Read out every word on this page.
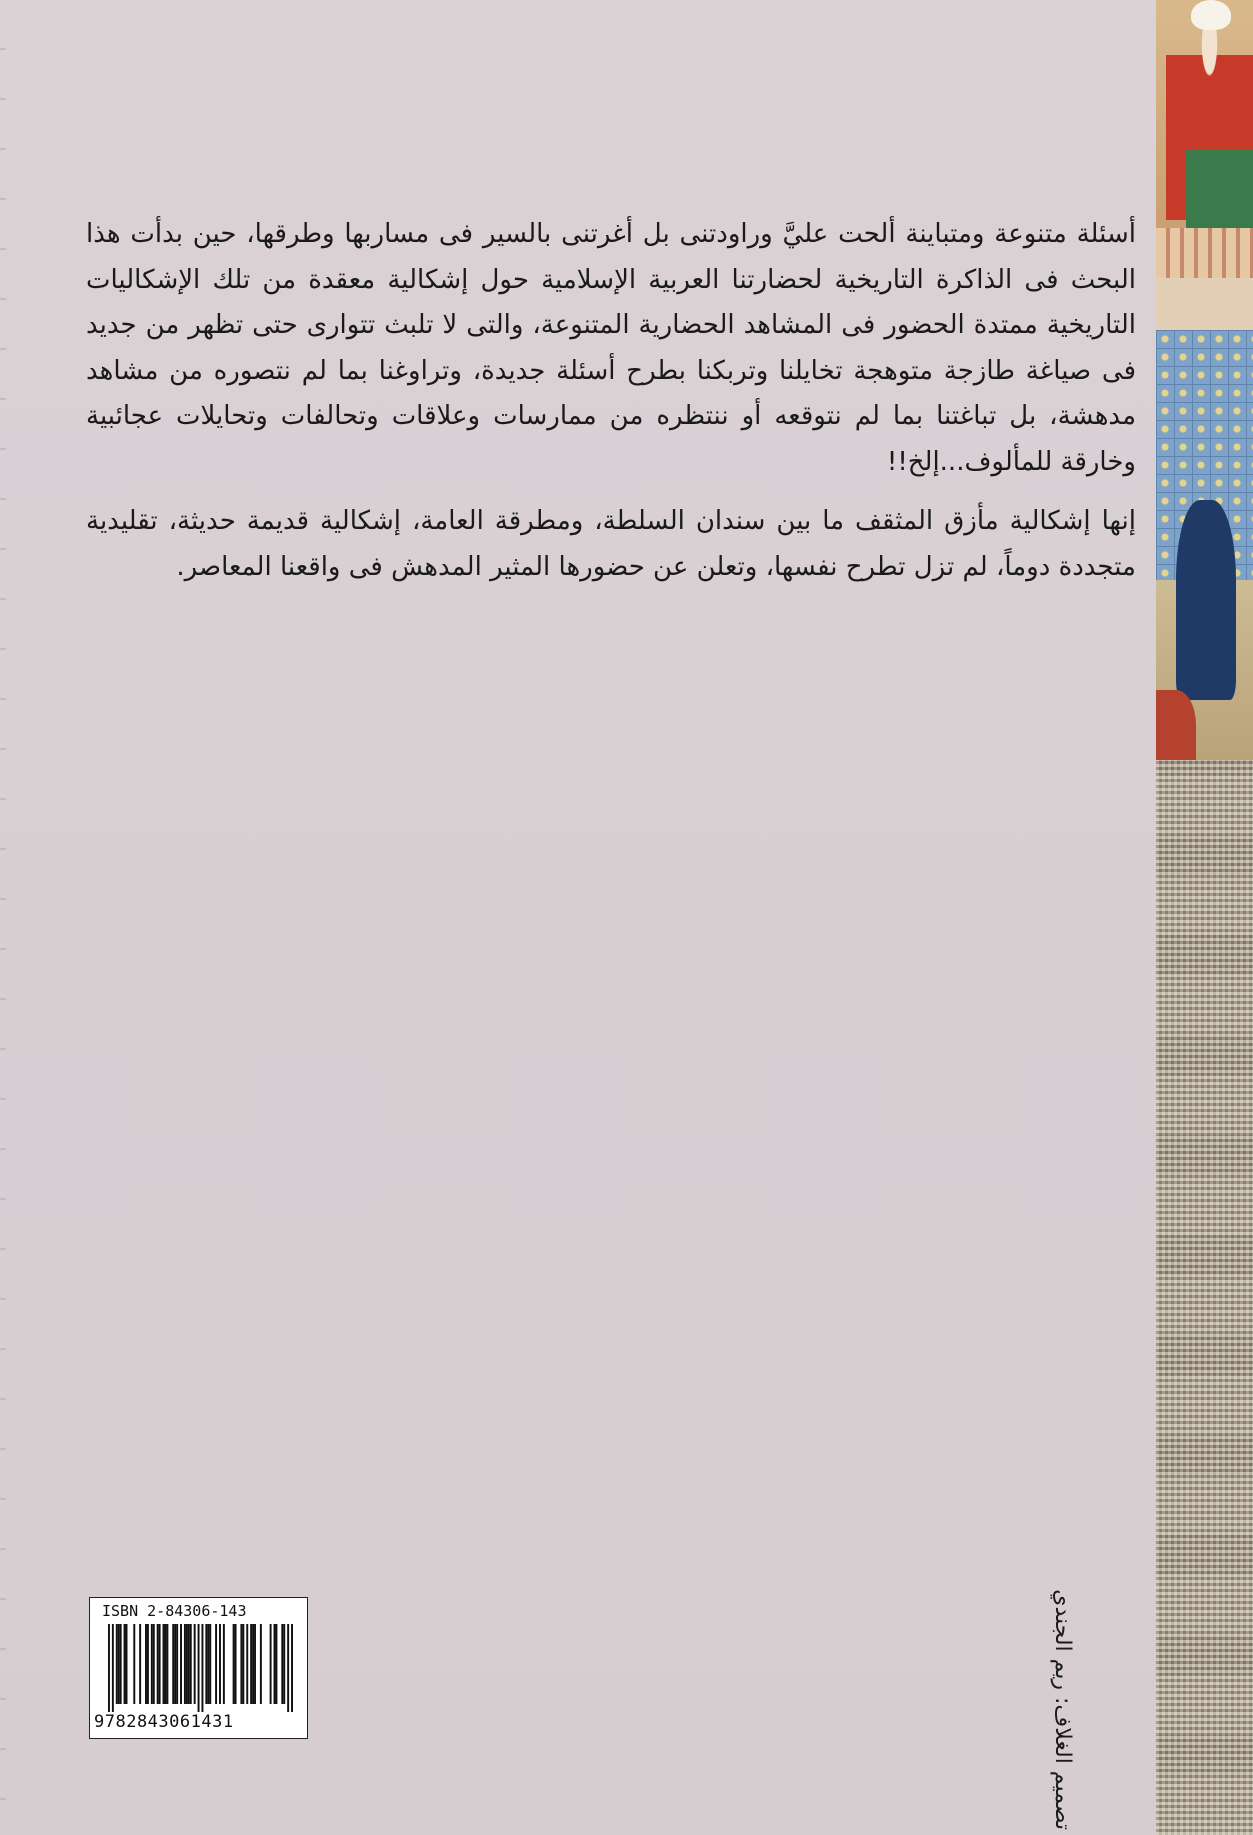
أسئلة متنوعة ومتباينة ألحت عليَّ وراودتنى بل أغرتنى بالسير فى مساربها وطرقها، حين بدأت هذا البحث فى الذاكرة التاريخية لحضارتنا العربية الإسلامية حول إشكالية معقدة من تلك الإشكاليات التاريخية ممتدة الحضور فى المشاهد الحضارية المتنوعة، والتى لا تلبث تتوارى حتى تظهر من جديد فى صياغة طازجة متوهجة تخايلنا وتربكنا بطرح أسئلة جديدة، وتراوغنا بما لم نتصوره من مشاهد مدهشة، بل تباغتنا بما لم نتوقعه أو ننتظره من ممارسات وعلاقات وتحالفات وتحايلات عجائبية وخارقة للمألوف...إلخ!!

إنها إشكالية مأزق المثقف ما بين سندان السلطة، ومطرقة العامة، إشكالية قديمة حديثة، تقليدية متجددة دوماً، لم تزل تطرح نفسها، وتعلن عن حضورها المثير المدهش فى واقعنا المعاصر.

ISBN 2-84306-143
9782843061431	تصميم الغلاف: ريم الجندي
